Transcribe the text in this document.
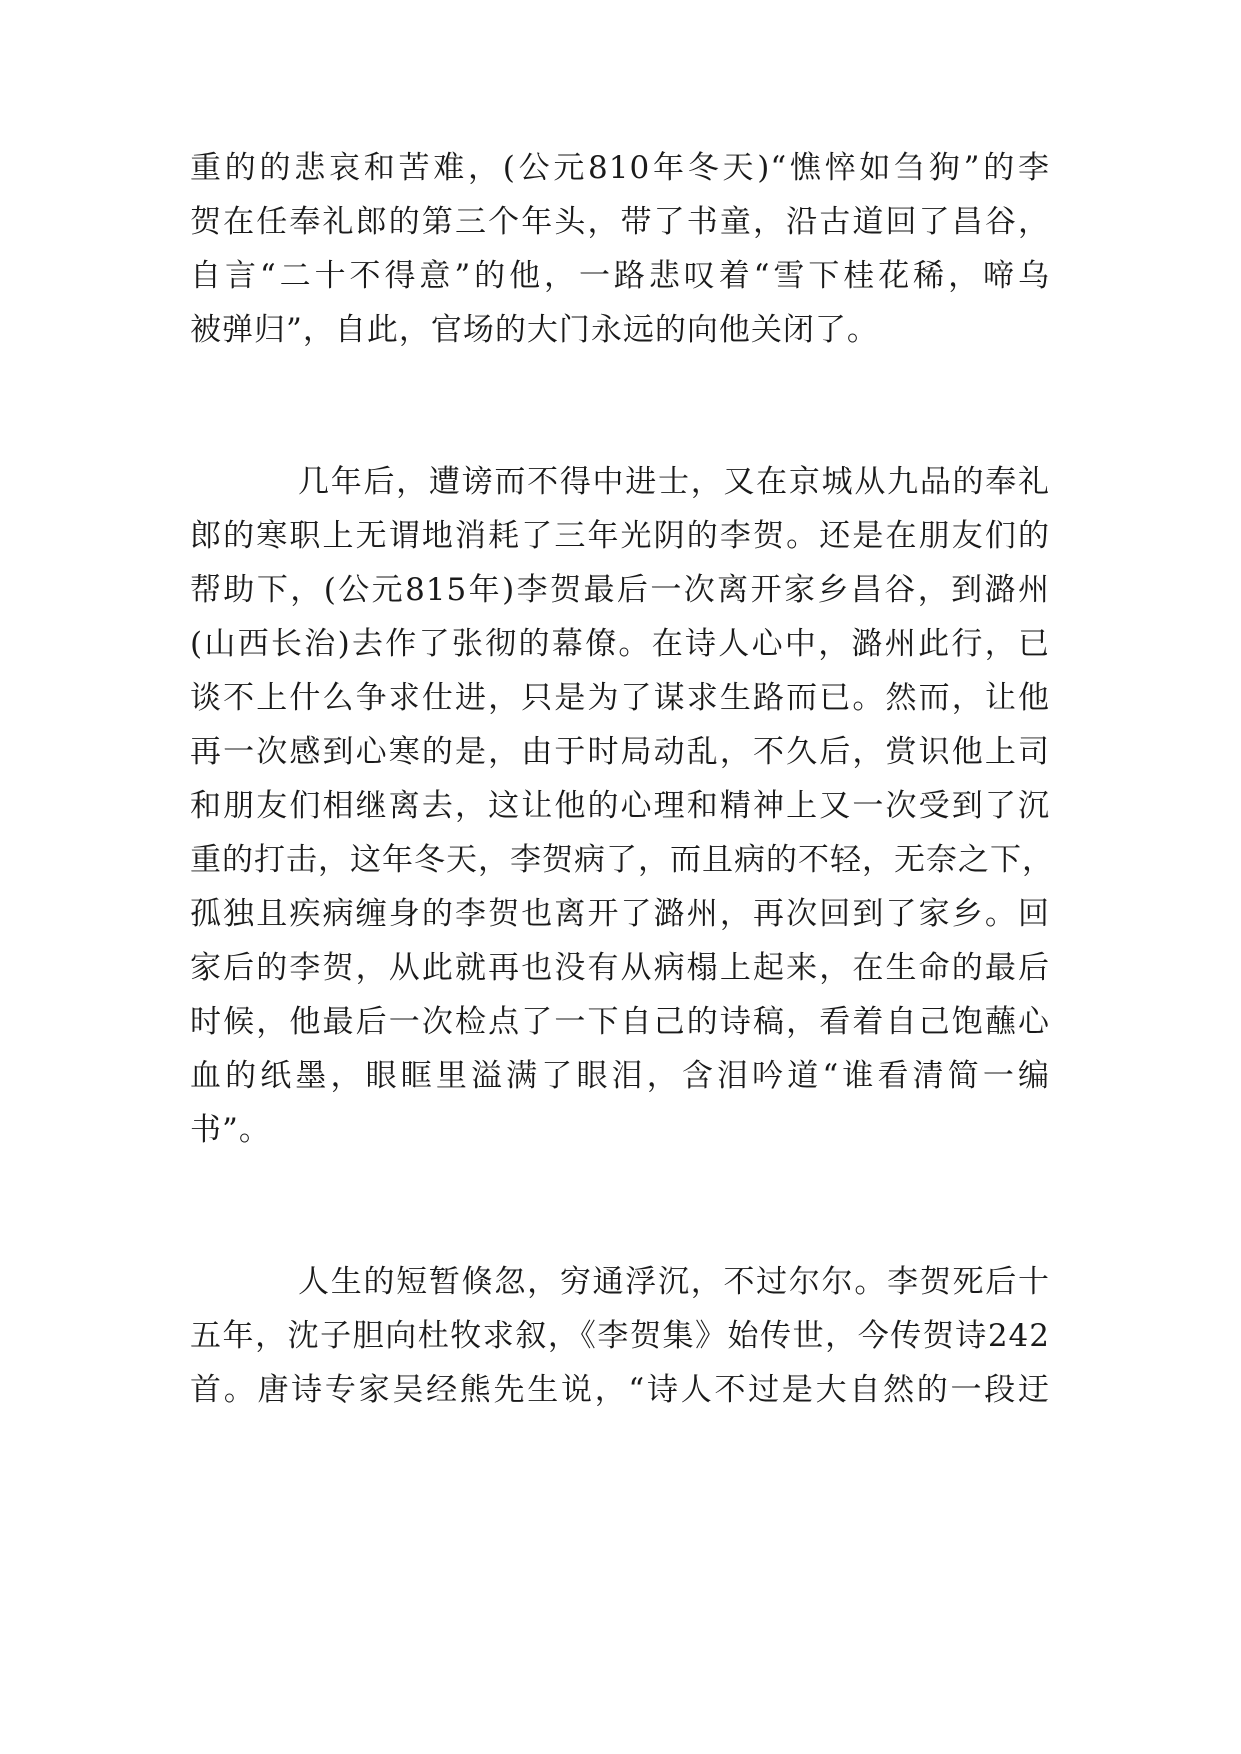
重的的悲哀和苦难，(公元810年冬天)“憔悴如刍狗”的李
贺在任奉礼郎的第三个年头，带了书童，沿古道回了昌谷，
自言“二十不得意”的他，一路悲叹着“雪下桂花稀，啼乌
被弹归”，自此，官场的大门永远的向他关闭了。
几年后，遭谤而不得中进士，又在京城从九品的奉礼
郎的寒职上无谓地消耗了三年光阴的李贺。还是在朋友们的
帮助下，(公元815年)李贺最后一次离开家乡昌谷，到潞州
(山西长治)去作了张彻的幕僚。在诗人心中，潞州此行，已
谈不上什么争求仕进，只是为了谋求生路而已。然而，让他
再一次感到心寒的是，由于时局动乱，不久后，赏识他上司
和朋友们相继离去，这让他的心理和精神上又一次受到了沉
重的打击，这年冬天，李贺病了，而且病的不轻，无奈之下，
孤独且疾病缠身的李贺也离开了潞州，再次回到了家乡。回
家后的李贺，从此就再也没有从病榻上起来，在生命的最后
时候，他最后一次检点了一下自己的诗稿，看着自己饱蘸心
血的纸墨，眼眶里溢满了眼泪，含泪吟道“谁看清简一编
书”。
人生的短暂倏忽，穷通浮沉，不过尔尔。李贺死后十
五年，沈子胆向杜牧求叙，《李贺集》始传世，今传贺诗242
首。唐诗专家吴经熊先生说，“诗人不过是大自然的一段迂
